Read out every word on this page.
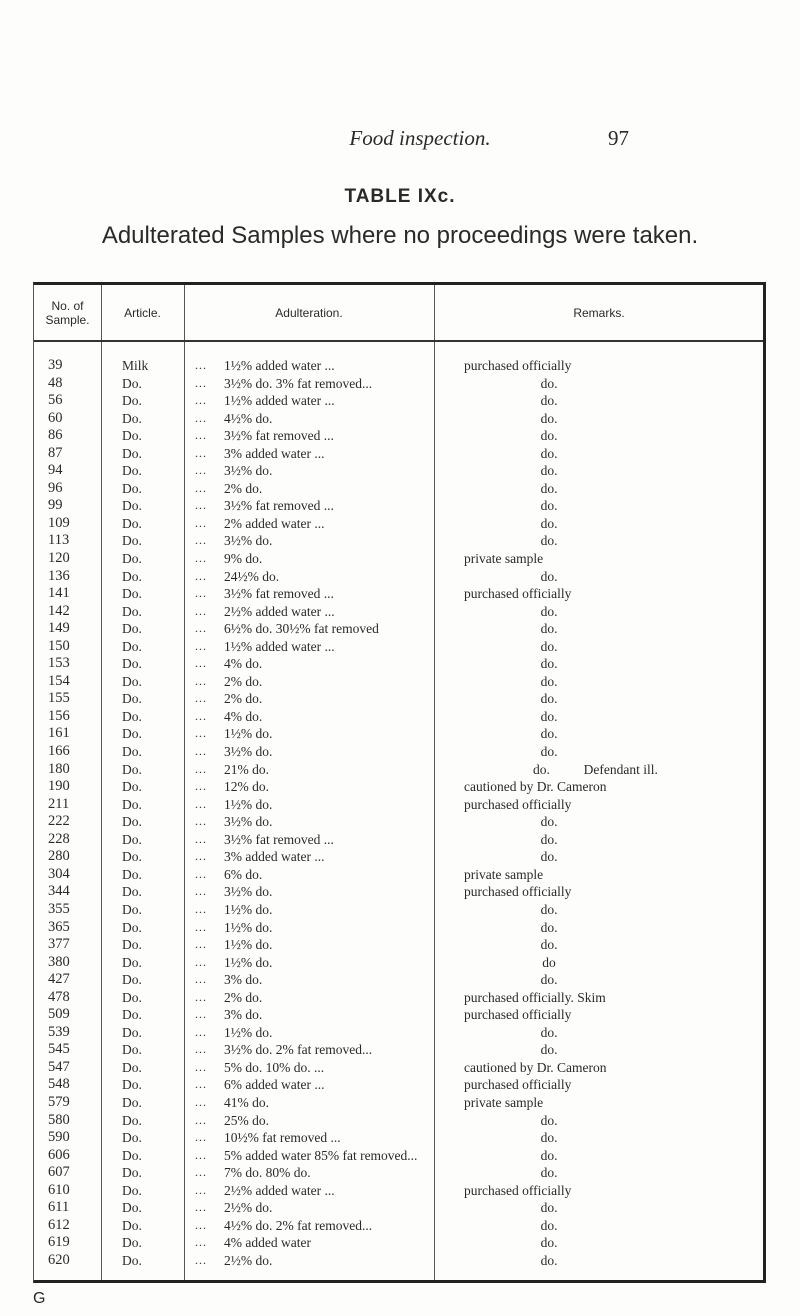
Food inspection.	97
TABLE IXc.
Adulterated Samples where no proceedings were taken.
No. of Sample.	Article.	Adulteration.	Remarks.
39	Milk	... 1½% added water ...	purchased officially
48	Do.	... 3½% do. 3% fat removed...	do.
56	Do.	... 1½% added water ...	do.
60	Do.	... 4½% do.	do.
86	Do.	... 3½% fat removed ...	do.
87	Do.	... 3% added water ...	do.
94	Do.	... 3½% do.	do.
96	Do.	... 2% do.	do.
99	Do.	... 3½% fat removed ...	do.
109	Do.	... 2% added water ...	do.
113	Do.	... 3½% do.	do.
120	Do.	... 9% do.	private sample
136	Do.	... 24½% do.	do.
141	Do.	... 3½% fat removed ...	purchased officially
142	Do.	... 2½% added water ...	do.
149	Do.	... 6½% do. 30½% fat removed	do.
150	Do.	... 1½% added water ...	do.
153	Do.	... 4% do.	do.
154	Do.	... 2% do.	do.
155	Do.	... 2% do.	do.
156	Do.	... 4% do.	do.
161	Do.	... 1½% do.	do.
166	Do.	... 3½% do.	do.
180	Do.	... 21% do.	do.          Defendant ill.
190	Do.	... 12% do.	cautioned by Dr. Cameron
211	Do.	... 1½% do.	purchased officially
222	Do.	... 3½% do.	do.
228	Do.	... 3½% fat removed ...	do.
280	Do.	... 3% added water ...	do.
304	Do.	... 6% do.	private sample
344	Do.	... 3½% do.	purchased officially
355	Do.	... 1½% do.	do.
365	Do.	... 1½% do.	do.
377	Do.	... 1½% do.	do.
380	Do.	... 1½% do.	do
427	Do.	... 3% do.	do.
478	Do.	... 2% do.	purchased officially. Skim
509	Do.	... 3% do.	purchased officially
539	Do.	... 1½% do.	do.
545	Do.	... 3½% do. 2% fat removed...	do.
547	Do.	... 5% do. 10% do. ...	cautioned by Dr. Cameron
548	Do.	... 6% added water ...	purchased officially
579	Do.	... 41% do.	private sample
580	Do.	... 25% do.	do.
590	Do.	... 10½% fat removed ...	do.
606	Do.	... 5% added water 85% fat removed...	do.
607	Do.	... 7% do. 80% do.	do.
610	Do.	... 2½% added water ...	purchased officially
611	Do.	... 2½% do.	do.
612	Do.	... 4½% do. 2% fat removed...	do.
619	Do.	... 4% added water	do.
620	Do.	... 2½% do.	do.
G
